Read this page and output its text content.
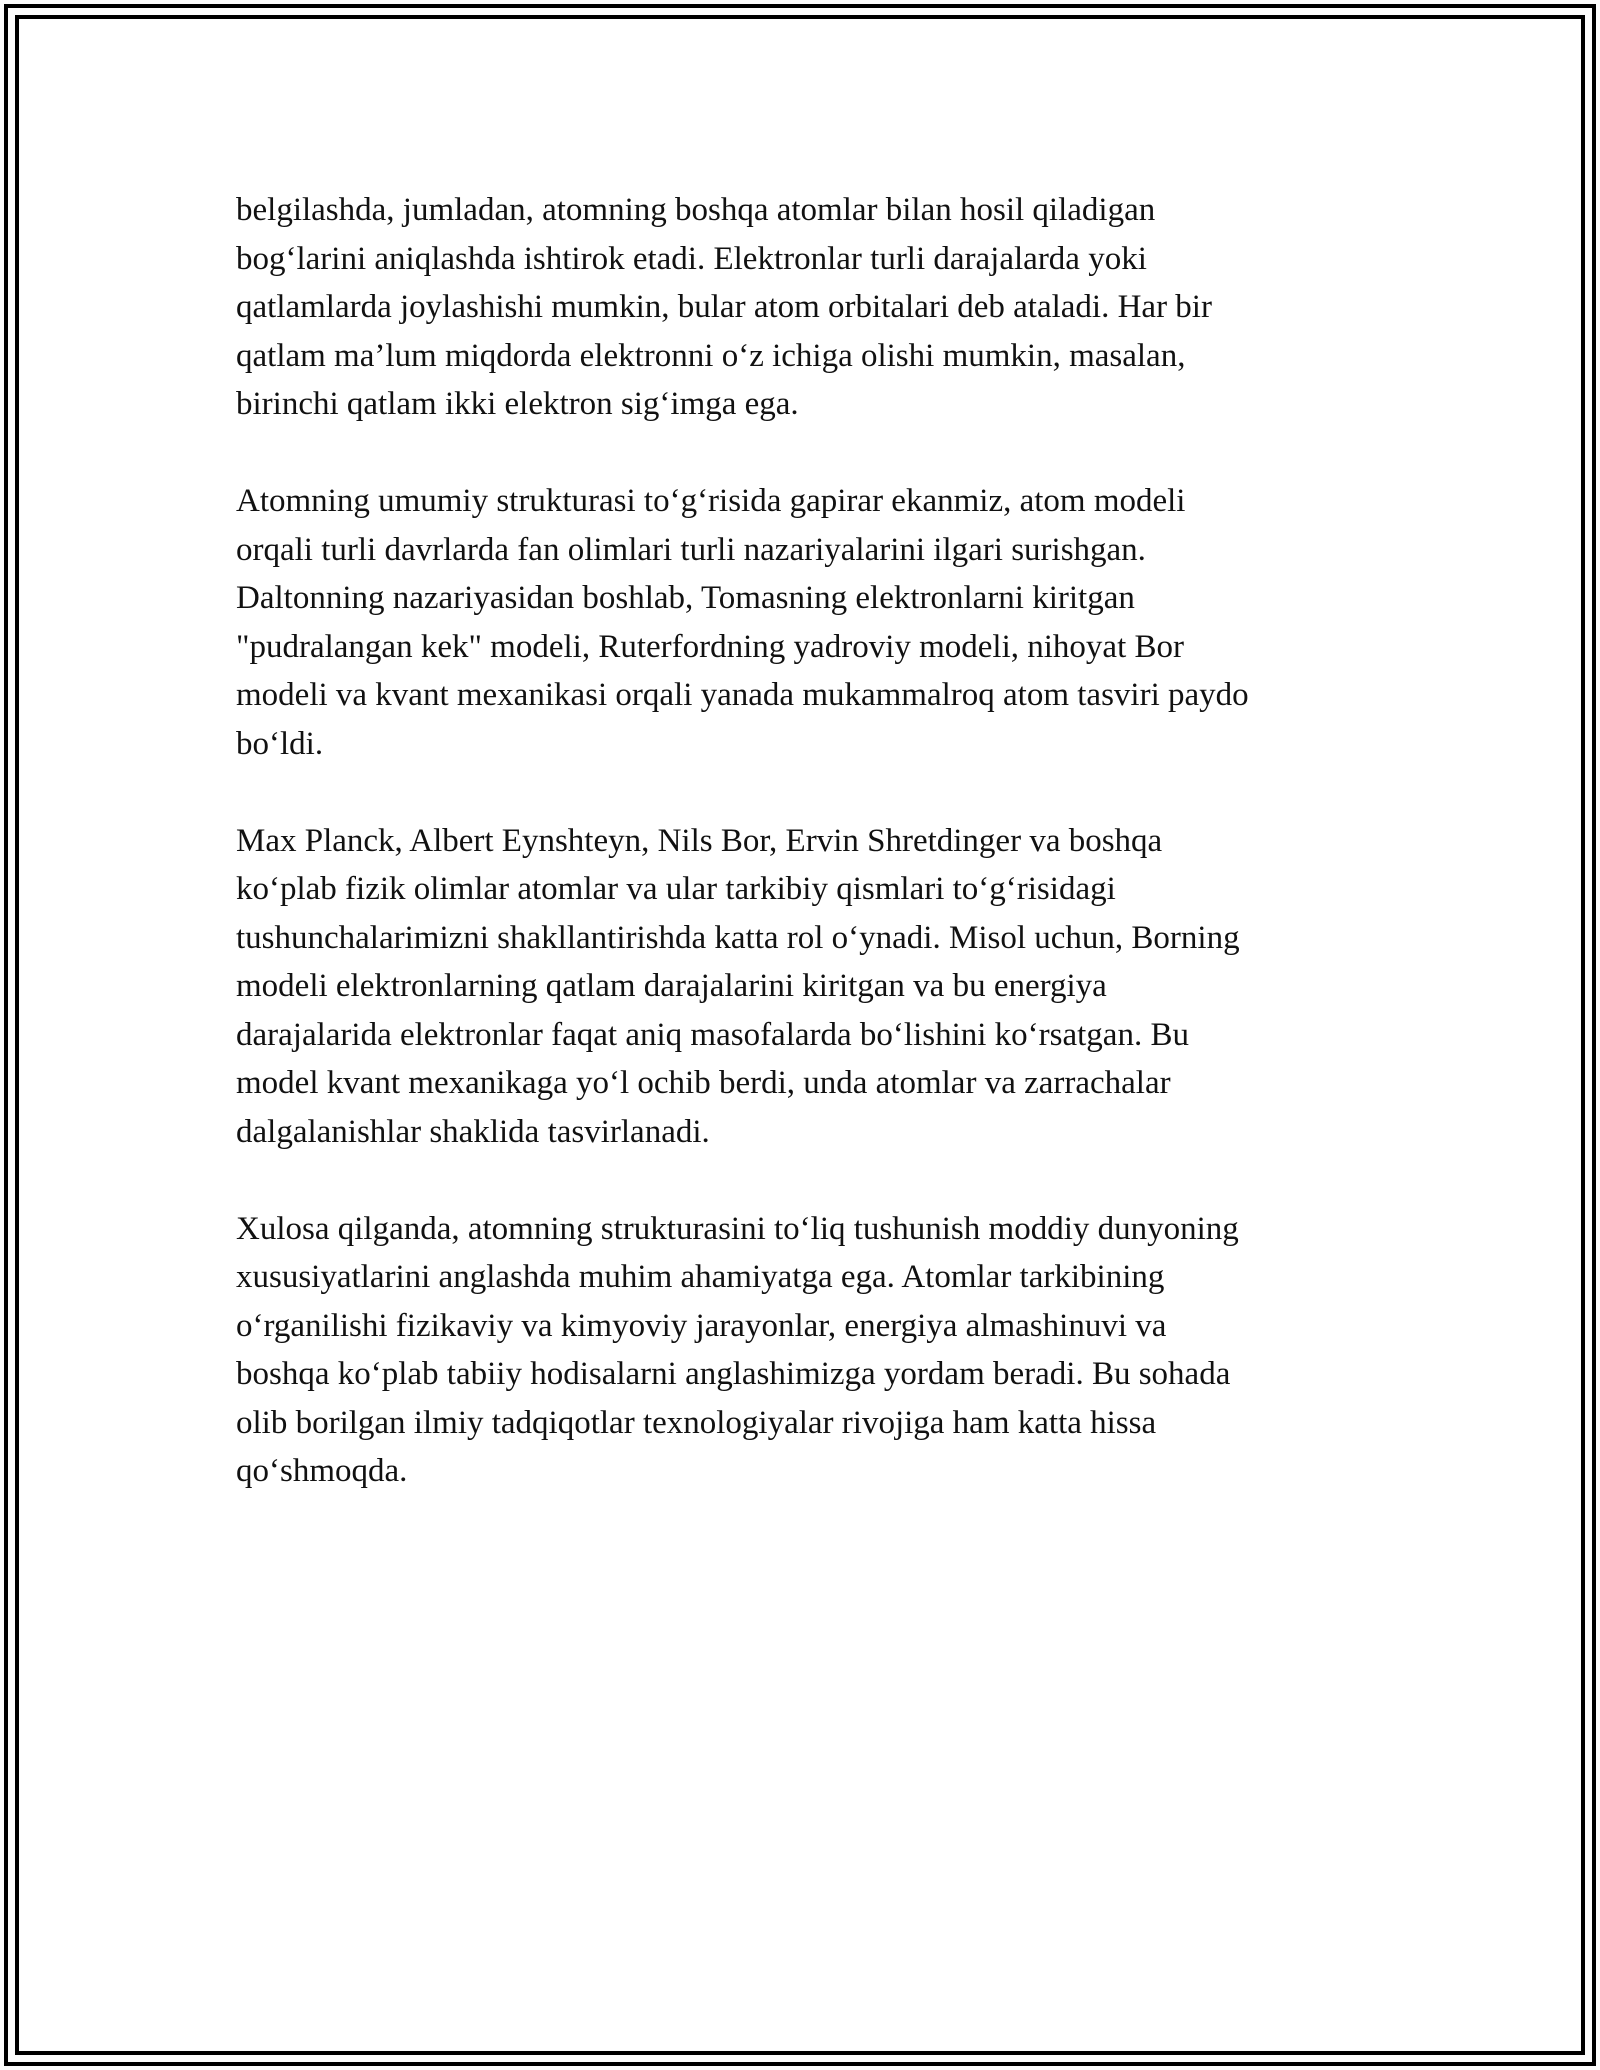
belgilashda, jumladan, atomning boshqa atomlar bilan hosil qiladigan
bog‘larini aniqlashda ishtirok etadi. Elektronlar turli darajalarda yoki
qatlamlarda joylashishi mumkin, bular atom orbitalari deb ataladi. Har bir
qatlam ma’lum miqdorda elektronni o‘z ichiga olishi mumkin, masalan,
birinchi qatlam ikki elektron sig‘imga ega.

Atomning umumiy strukturasi to‘g‘risida gapirar ekanmiz, atom modeli
orqali turli davrlarda fan olimlari turli nazariyalarini ilgari surishgan.
Daltonning nazariyasidan boshlab, Tomasning elektronlarni kiritgan
"pudralangan kek" modeli, Ruterfordning yadroviy modeli, nihoyat Bor
modeli va kvant mexanikasi orqali yanada mukammalroq atom tasviri paydo
bo‘ldi.

Max Planck, Albert Eynshteyn, Nils Bor, Ervin Shretdinger va boshqa
ko‘plab fizik olimlar atomlar va ular tarkibiy qismlari to‘g‘risidagi
tushunchalarimizni shakllantirishda katta rol o‘ynadi. Misol uchun, Borning
modeli elektronlarning qatlam darajalarini kiritgan va bu energiya
darajalarida elektronlar faqat aniq masofalarda bo‘lishini ko‘rsatgan. Bu
model kvant mexanikaga yo‘l ochib berdi, unda atomlar va zarrachalar
dalgalanishlar shaklida tasvirlanadi.

Xulosa qilganda, atomning strukturasini to‘liq tushunish moddiy dunyoning
xususiyatlarini anglashda muhim ahamiyatga ega. Atomlar tarkibining
o‘rganilishi fizikaviy va kimyoviy jarayonlar, energiya almashinuvi va
boshqa ko‘plab tabiiy hodisalarni anglashimizga yordam beradi. Bu sohada
olib borilgan ilmiy tadqiqotlar texnologiyalar rivojiga ham katta hissa
qo‘shmoqda.
